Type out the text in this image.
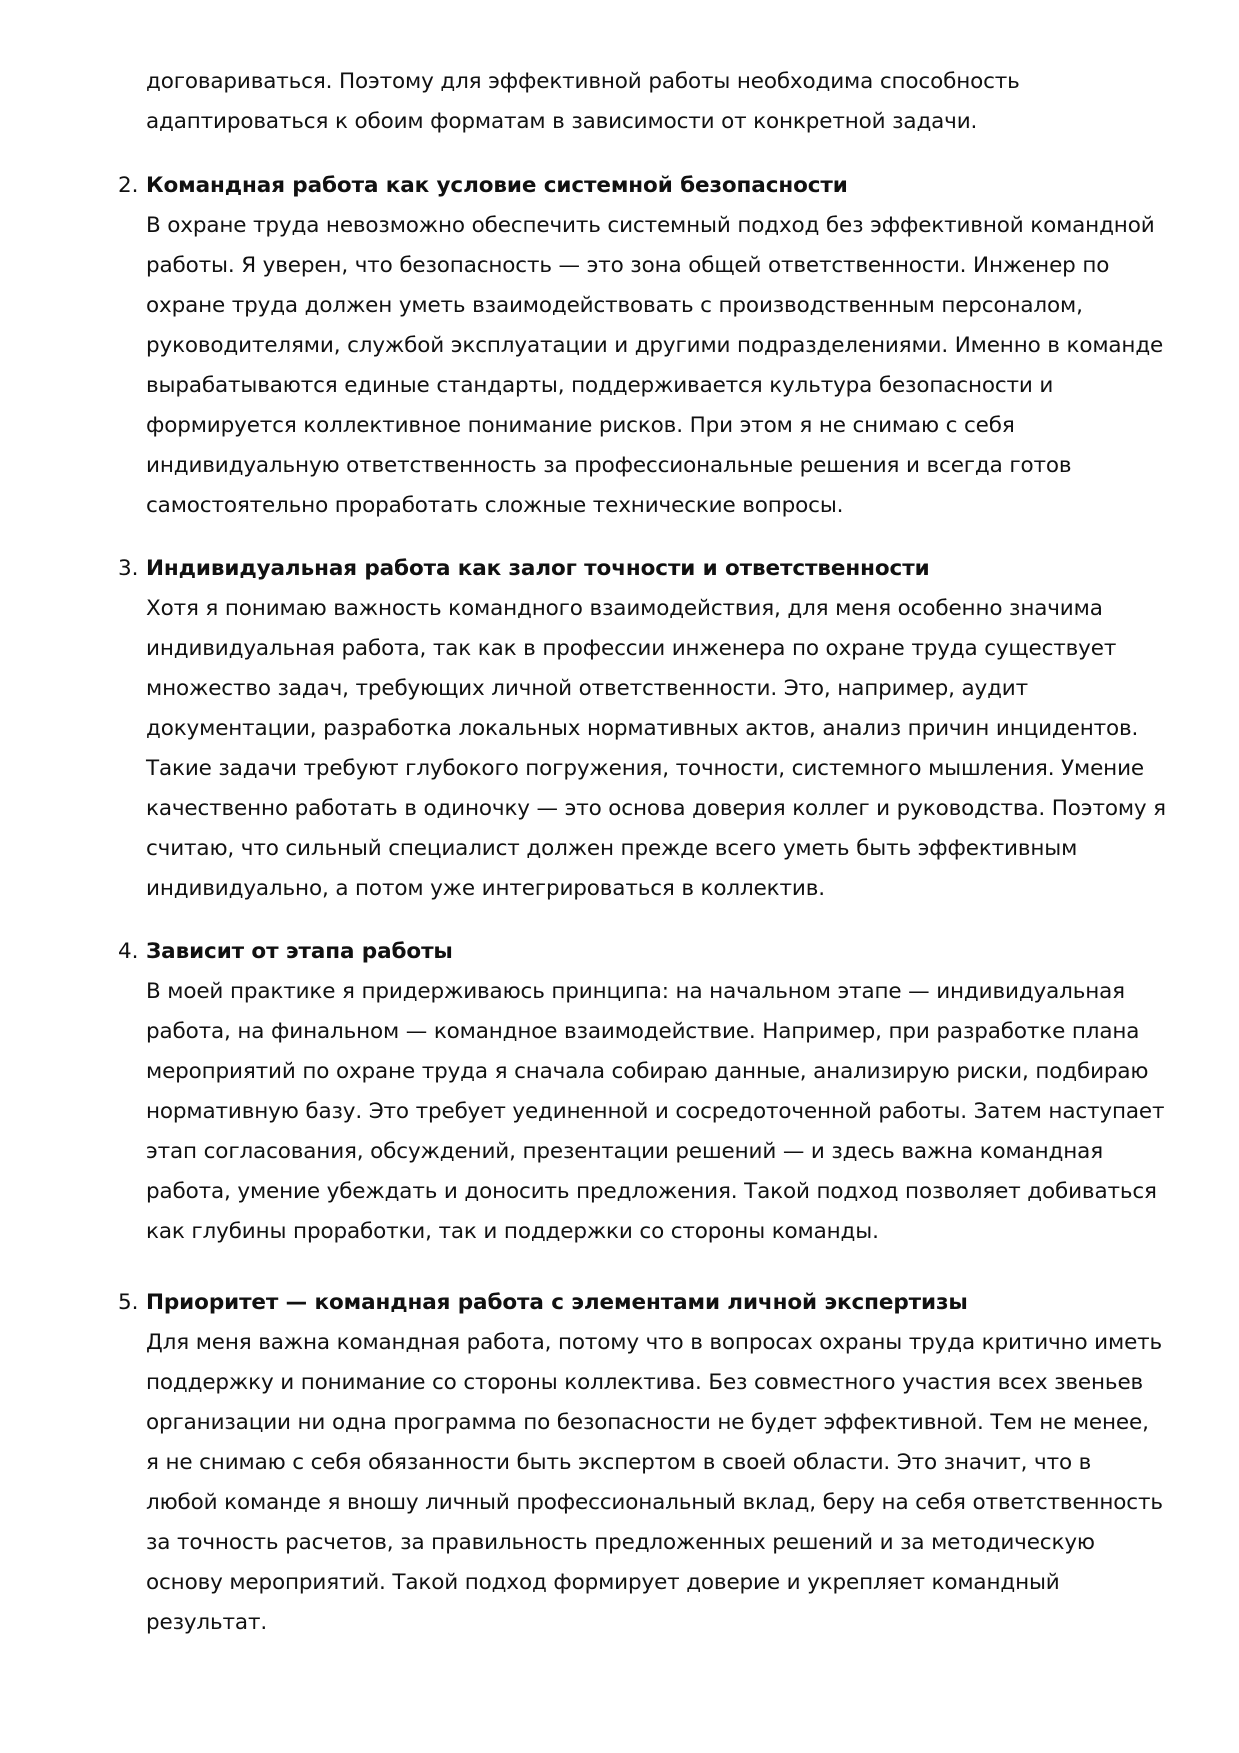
договариваться. Поэтому для эффективной работы необходима способность адаптироваться к обоим форматам в зависимости от конкретной задачи.

2. Командная работа как условие системной безопасности
В охране труда невозможно обеспечить системный подход без эффективной командной работы. Я уверен, что безопасность — это зона общей ответственности. Инженер по охране труда должен уметь взаимодействовать с производственным персоналом, руководителями, службой эксплуатации и другими подразделениями. Именно в команде вырабатываются единые стандарты, поддерживается культура безопасности и формируется коллективное понимание рисков. При этом я не снимаю с себя индивидуальную ответственность за профессиональные решения и всегда готов самостоятельно проработать сложные технические вопросы.
3. Индивидуальная работа как залог точности и ответственности
Хотя я понимаю важность командного взаимодействия, для меня особенно значима индивидуальная работа, так как в профессии инженера по охране труда существует множество задач, требующих личной ответственности. Это, например, аудит документации, разработка локальных нормативных актов, анализ причин инцидентов. Такие задачи требуют глубокого погружения, точности, системного мышления. Умение качественно работать в одиночку — это основа доверия коллег и руководства. Поэтому я считаю, что сильный специалист должен прежде всего уметь быть эффективным индивидуально, а потом уже интегрироваться в коллектив.
4. Зависит от этапа работы
В моей практике я придерживаюсь принципа: на начальном этапе — индивидуальная работа, на финальном — командное взаимодействие. Например, при разработке плана мероприятий по охране труда я сначала собираю данные, анализирую риски, подбираю нормативную базу. Это требует уединенной и сосредоточенной работы. Затем наступает этап согласования, обсуждений, презентации решений — и здесь важна командная работа, умение убеждать и доносить предложения. Такой подход позволяет добиваться как глубины проработки, так и поддержки со стороны команды.
5. Приоритет — командная работа с элементами личной экспертизы
Для меня важна командная работа, потому что в вопросах охраны труда критично иметь поддержку и понимание со стороны коллектива. Без совместного участия всех звеньев организации ни одна программа по безопасности не будет эффективной. Тем не менее, я не снимаю с себя обязанности быть экспертом в своей области. Это значит, что в любой команде я вношу личный профессиональный вклад, беру на себя ответственность за точность расчетов, за правильность предложенных решений и за методическую основу мероприятий. Такой подход формирует доверие и укрепляет командный результат.
